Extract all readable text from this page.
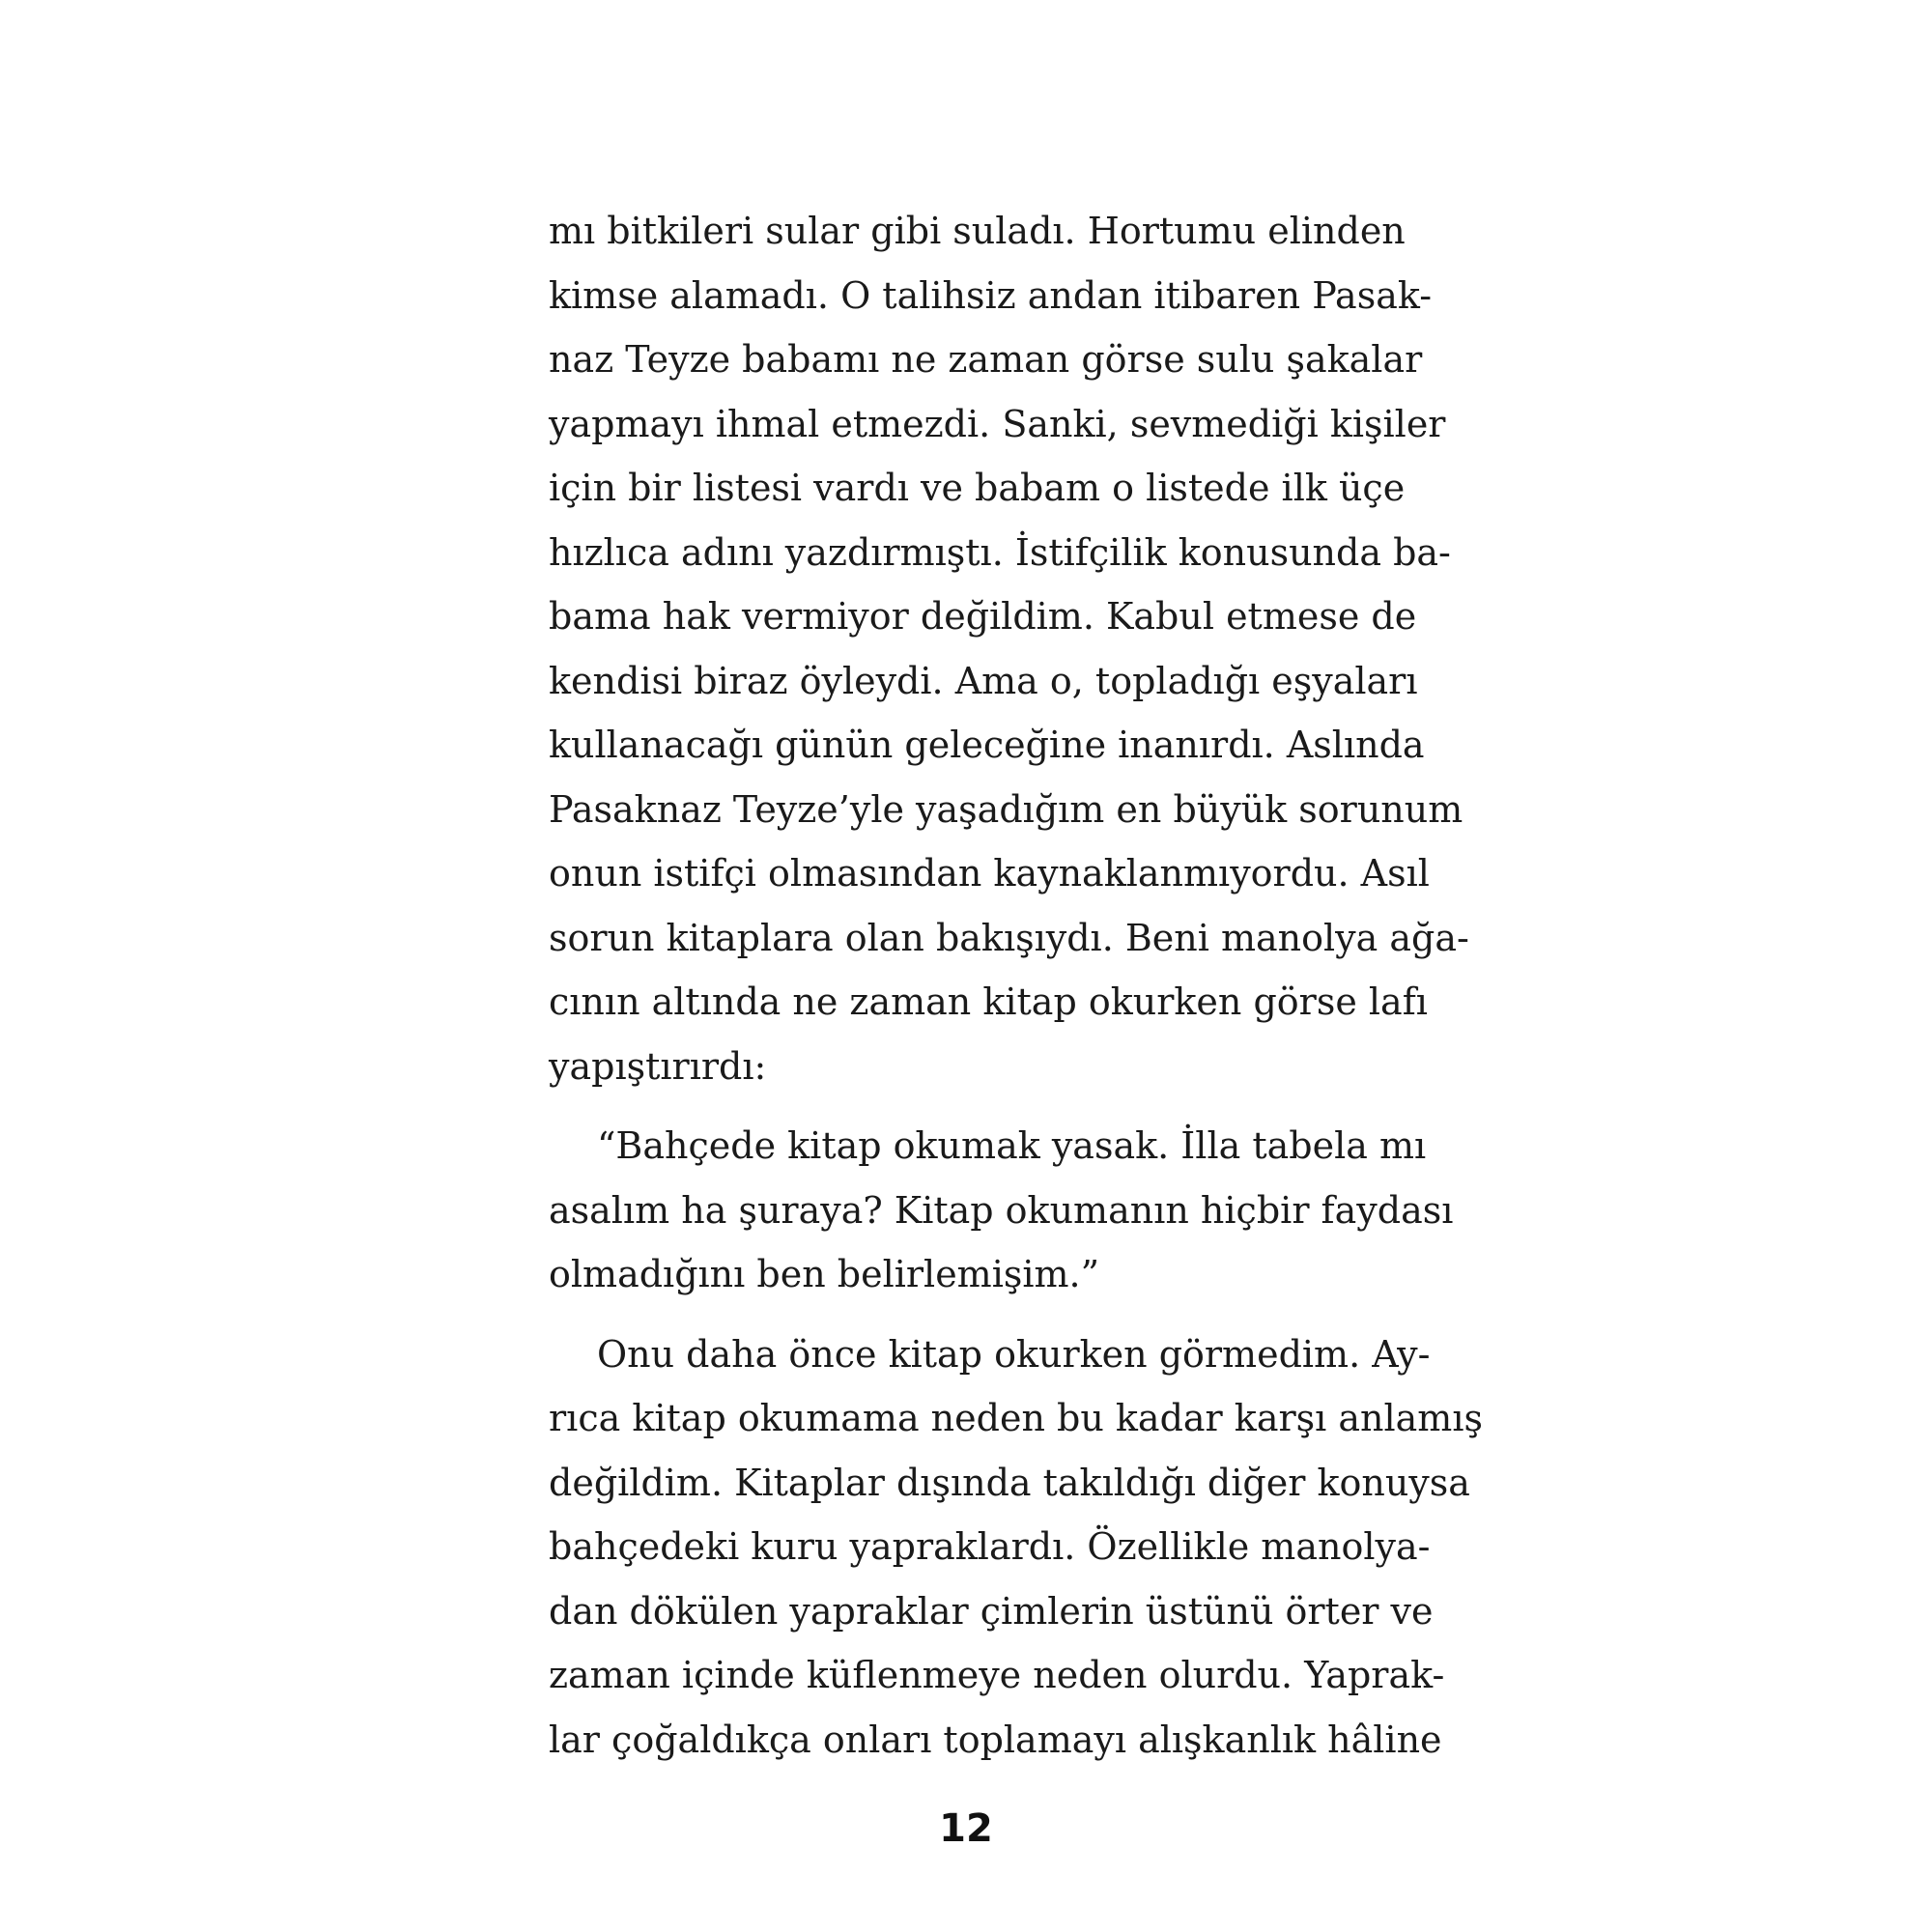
mı bitkileri sular gibi suladı. Hortumu elinden
kimse alamadı. O talihsiz andan itibaren Pasak-
naz Teyze babamı ne zaman görse sulu şakalar
yapmayı ihmal etmezdi. Sanki, sevmediği kişiler
için bir listesi vardı ve babam o listede ilk üçe
hızlıca adını yazdırmıştı. İstifçilik konusunda ba-
bama hak vermiyor değildim. Kabul etmese de
kendisi biraz öyleydi. Ama o, topladığı eşyaları
kullanacağı günün geleceğine inanırdı. Aslında
Pasaknaz Teyze’yle yaşadığım en büyük sorunum
onun istifçi olmasından kaynaklanmıyordu. Asıl
sorun kitaplara olan bakışıydı. Beni manolya ağa-
cının altında ne zaman kitap okurken görse lafı
yapıştırırdı:
“Bahçede kitap okumak yasak. İlla tabela mı
asalım ha şuraya? Kitap okumanın hiçbir faydası
olmadığını ben belirlemişim.”
Onu daha önce kitap okurken görmedim. Ay-
rıca kitap okumama neden bu kadar karşı anlamış
değildim. Kitaplar dışında takıldığı diğer konuysa
bahçedeki kuru yapraklardı. Özellikle manolya-
dan dökülen yapraklar çimlerin üstünü örter ve
zaman içinde küflenmeye neden olurdu. Yaprak-
lar çoğaldıkça onları toplamayı alışkanlık hâline
12
